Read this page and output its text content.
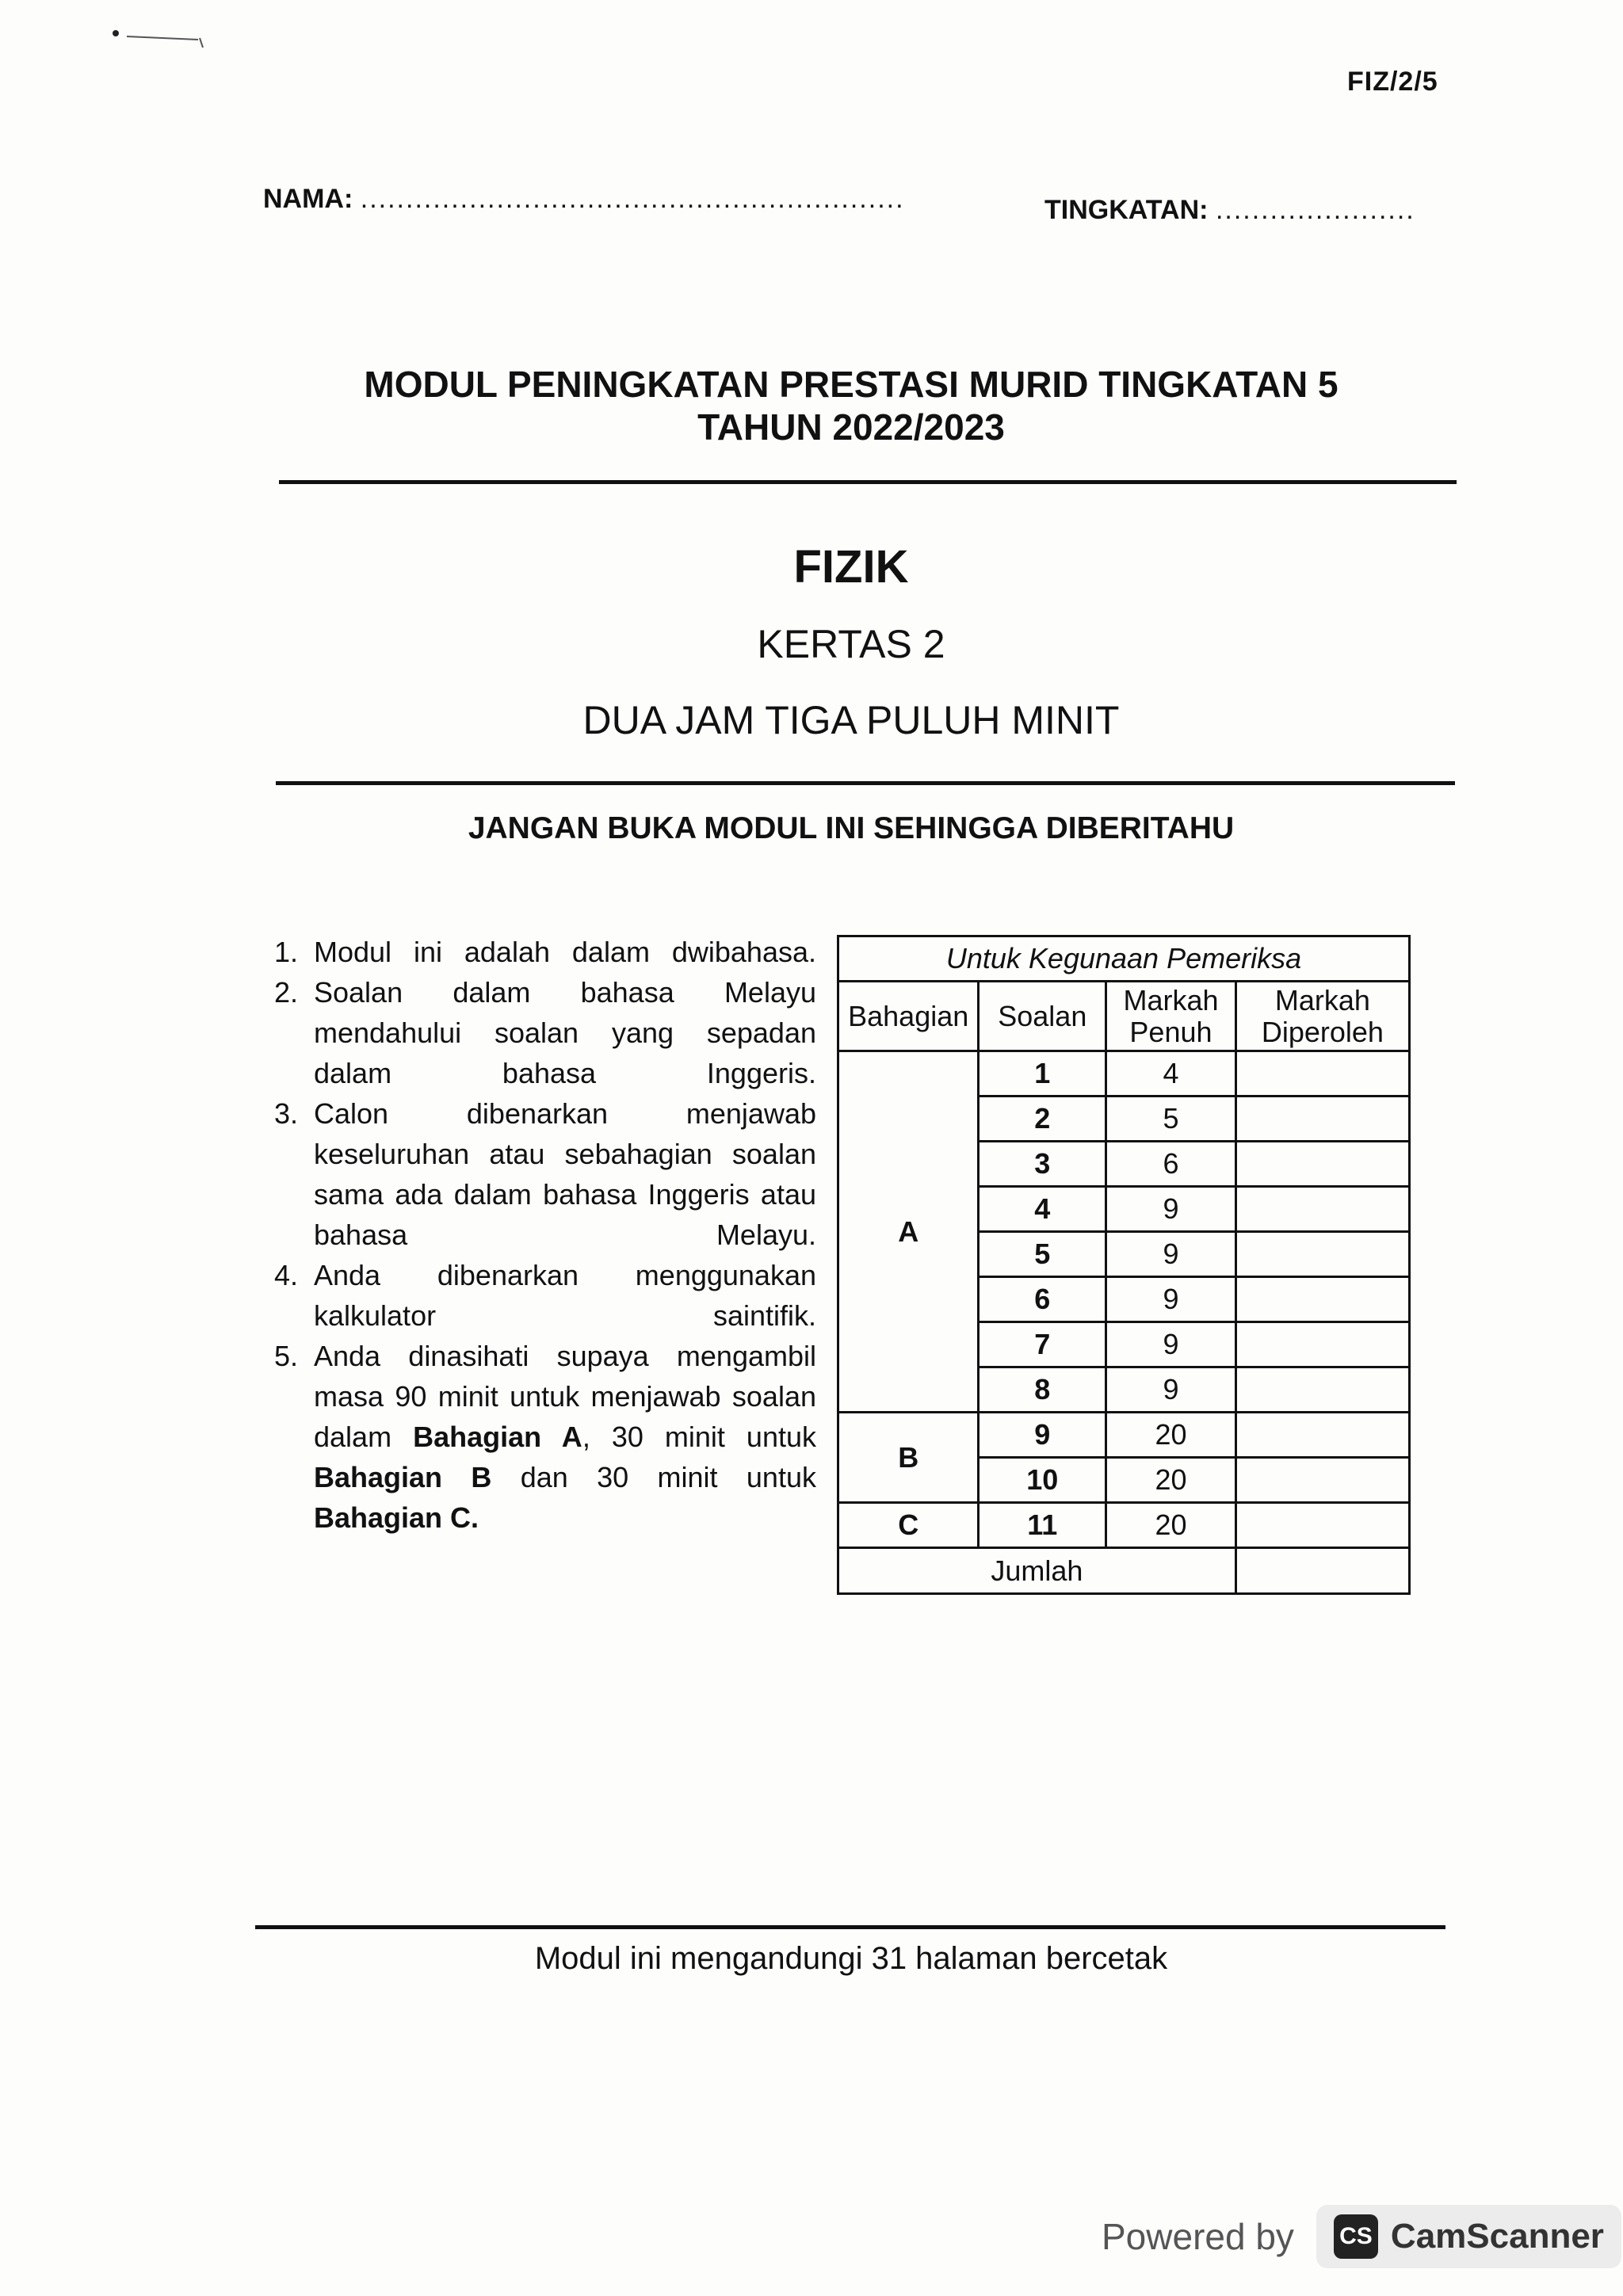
FIZ/2/5
NAMA: ............................................................	TINGKATAN: ......................
MODUL PENINGKATAN PRESTASI MURID TINGKATAN 5
TAHUN 2022/2023
FIZIK
KERTAS 2
DUA JAM TIGA PULUH MINIT
JANGAN BUKA MODUL INI SEHINGGA DIBERITAHU
1. Modul ini adalah dalam dwibahasa.
2. Soalan dalam bahasa Melayu mendahului soalan yang sepadan dalam bahasa Inggeris.
3. Calon dibenarkan menjawab keseluruhan atau sebahagian soalan sama ada dalam bahasa Inggeris atau bahasa Melayu.
4. Anda dibenarkan menggunakan kalkulator saintifik.
5. Anda dinasihati supaya mengambil masa 90 minit untuk menjawab soalan dalam Bahagian A, 30 minit untuk Bahagian B dan 30 minit untuk Bahagian C.
Untuk Kegunaan Pemeriksa			
Bahagian	Soalan	Markah Penuh	Markah Diperoleh
A	1	4	
	2	5	
	3	6	
	4	9	
	5	9	
	6	9	
	7	9	
	8	9	
B	9	20	
	10	20	
C	11	20	
Jumlah			
Modul ini mengandungi 31 halaman bercetak
Powered by CS CamScanner
